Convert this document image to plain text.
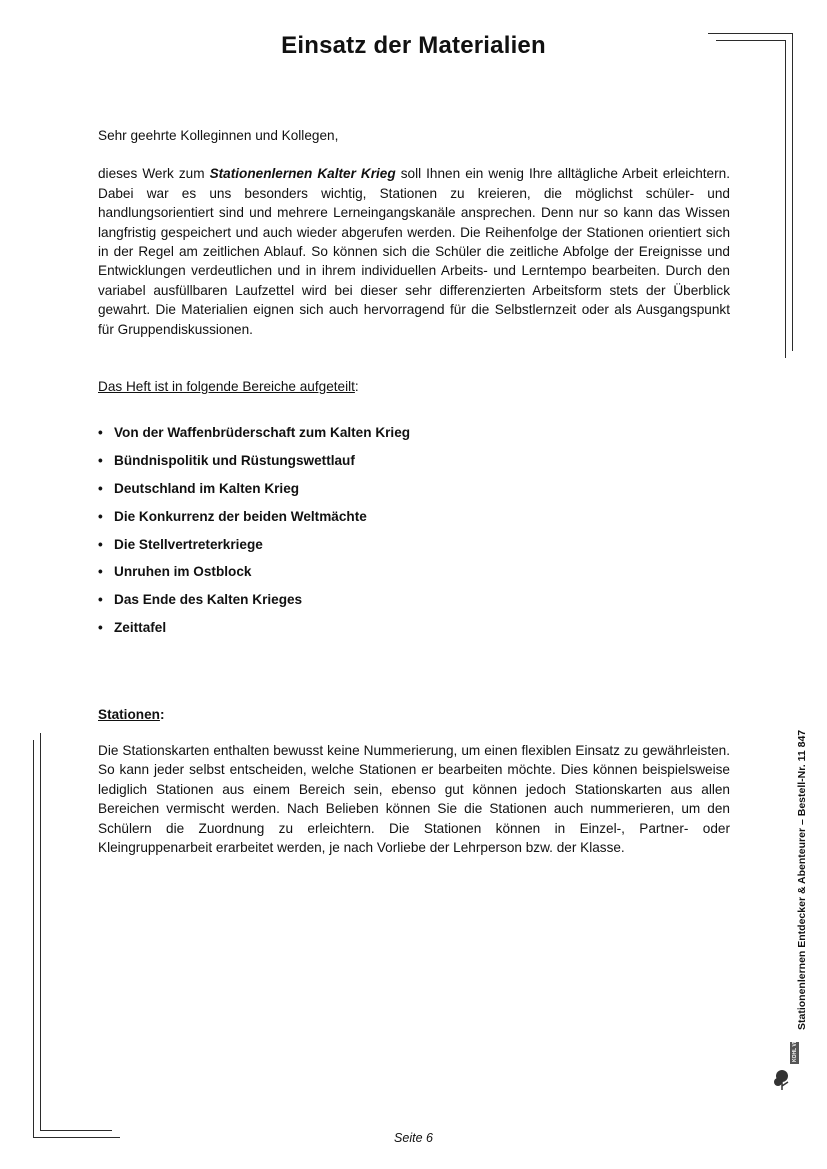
Einsatz der Materialien

Sehr geehrte Kolleginnen und Kollegen,

dieses Werk zum Stationenlernen Kalter Krieg soll Ihnen ein wenig Ihre alltägliche Arbeit erleichtern. Dabei war es uns besonders wichtig, Stationen zu kreieren, die möglichst schüler- und handlungsorientiert sind und mehrere Lerneingangskanäle ansprechen. Denn nur so kann das Wissen langfristig gespeichert und auch wieder abgerufen werden. Die Reihenfolge der Stationen orientiert sich in der Regel am zeitlichen Ablauf. So können sich die Schüler die zeitliche Abfolge der Ereignisse und Entwicklungen verdeutlichen und in ihrem individuellen Arbeits- und Lerntempo bearbeiten. Durch den variabel ausfüllbaren Laufzettel wird bei dieser sehr differenzierten Arbeitsform stets der Überblick gewahrt. Die Materialien eignen sich auch hervorragend für die Selbstlernzeit oder als Ausgangspunkt für Gruppendiskussionen.

Das Heft ist in folgende Bereiche aufgeteilt:

• Von der Waffenbrüderschaft zum Kalten Krieg
• Bündnispolitik und Rüstungswettlauf
• Deutschland im Kalten Krieg
• Die Konkurrenz der beiden Weltmächte
• Die Stellvertreterkriege
• Unruhen im Ostblock
• Das Ende des Kalten Krieges
• Zeittafel

Stationen:

Die Stationskarten enthalten bewusst keine Nummerierung, um einen flexiblen Einsatz zu gewährleisten. So kann jeder selbst entscheiden, welche Stationen er bearbeiten möchte. Dies können beispielsweise lediglich Stationen aus einem Bereich sein, ebenso gut können jedoch Stationskarten aus allen Bereichen vermischt werden. Nach Belieben können Sie die Stationen auch nummerieren, um den Schülern die Zuordnung zu erleichtern. Die Stationen können in Einzel-, Partner- oder Kleingruppenarbeit erarbeitet werden, je nach Vorliebe der Lehrperson bzw. der Klasse.	Stationenlernen Entdecker & Abenteurer – Bestell-Nr. 11 847
KOHL VERLAG
Seite 6
